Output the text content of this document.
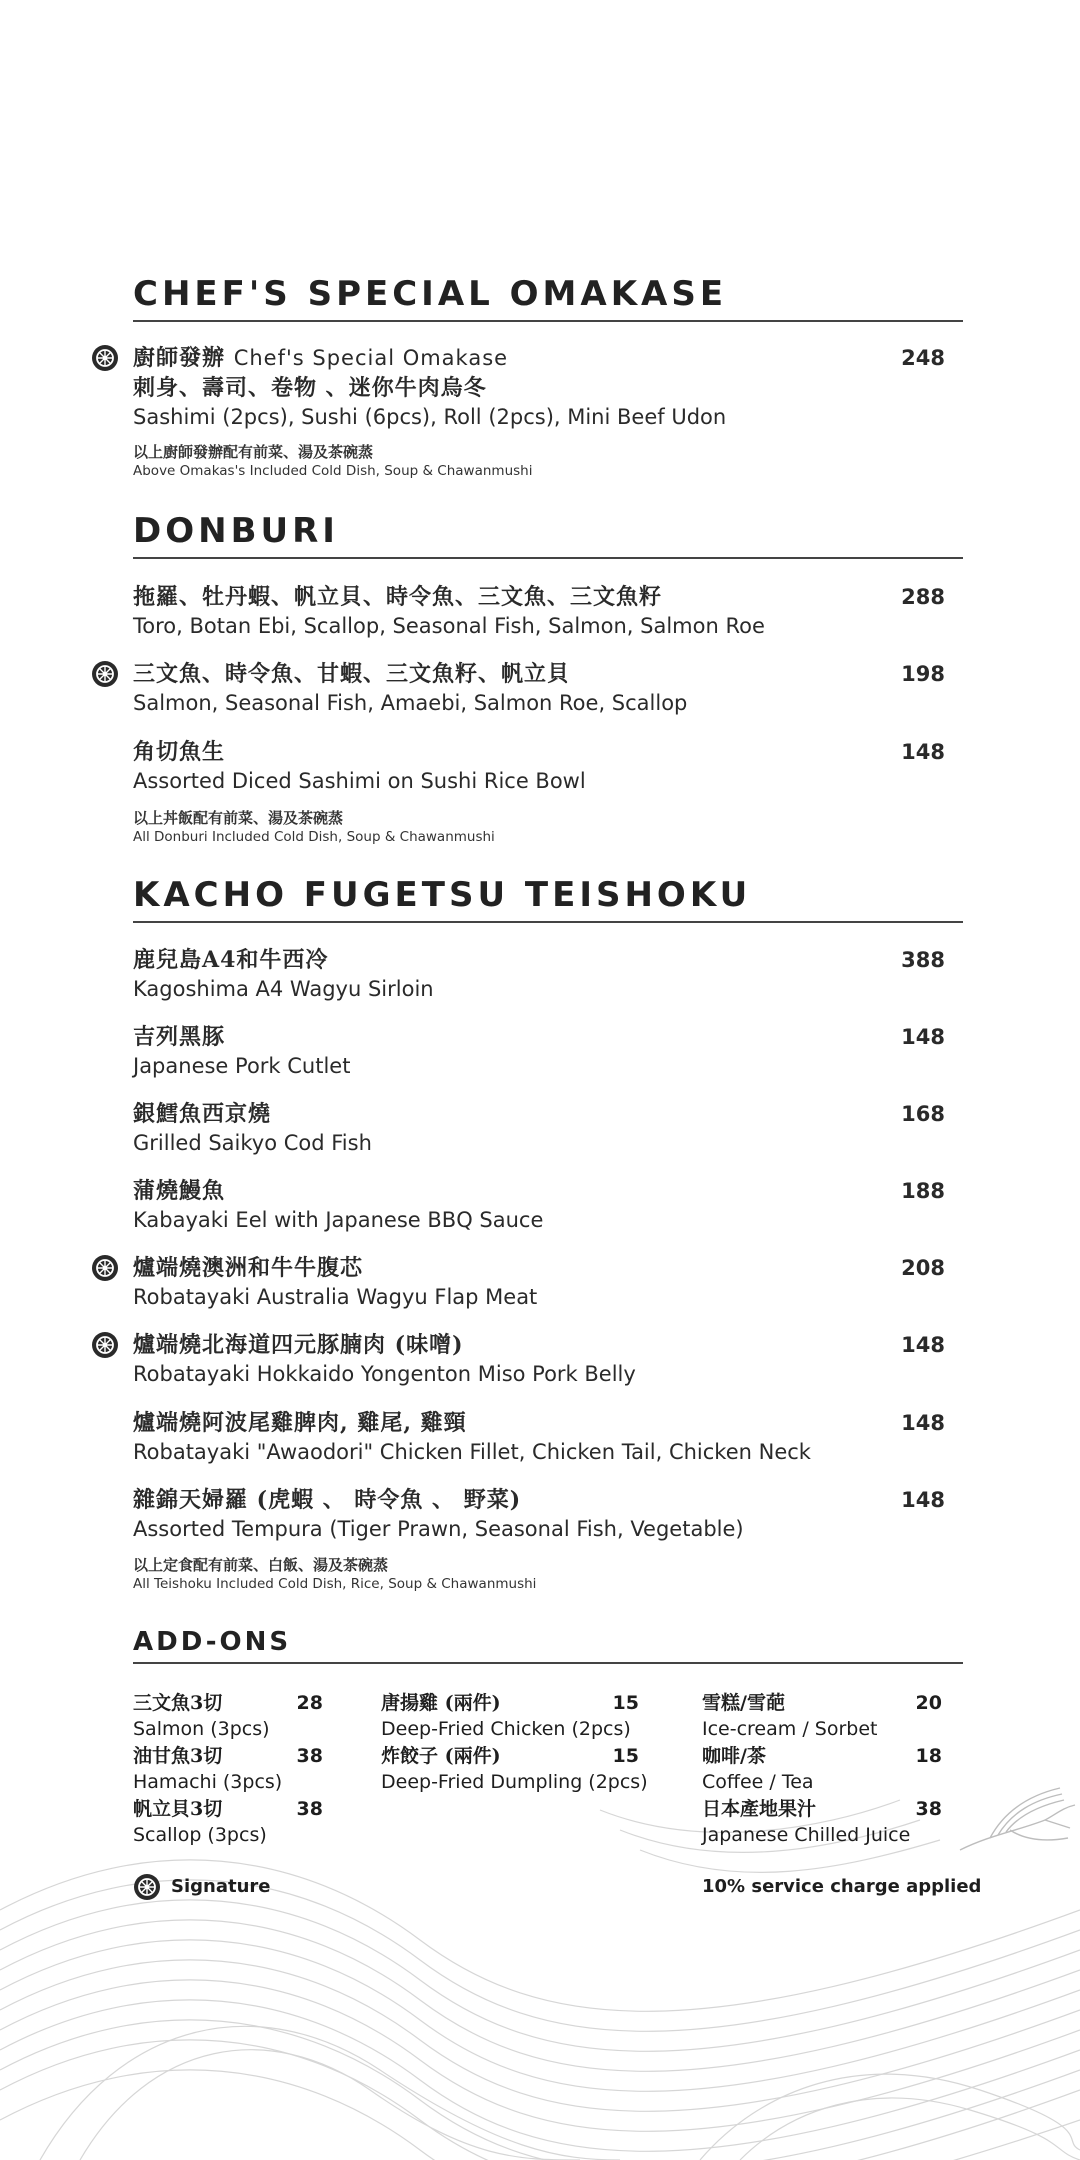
CHEF'S SPECIAL OMAKASE
廚師發辦 Chef's Special Omakase
刺身、壽司、卷物 、迷你牛肉烏冬
Sashimi (2pcs), Sushi (6pcs), Roll (2pcs), Mini Beef Udon
248
以上廚師發辦配有前菜、湯及茶碗蒸
Above Omakas's Included Cold Dish, Soup & Chawanmushi
DONBURI
拖羅、牡丹蝦、帆立貝、時令魚、三文魚、三文魚籽
Toro, Botan Ebi, Scallop, Seasonal Fish, Salmon, Salmon Roe
288
三文魚、時令魚、甘蝦、三文魚籽、帆立貝
Salmon, Seasonal Fish, Amaebi, Salmon Roe, Scallop
198
角切魚生
Assorted Diced Sashimi on Sushi Rice Bowl
148
以上丼飯配有前菜、湯及茶碗蒸
All Donburi Included Cold Dish, Soup & Chawanmushi
KACHO FUGETSU TEISHOKU
鹿兒島A4和牛西冷
Kagoshima A4 Wagyu Sirloin
388
吉列黑豚
Japanese Pork Cutlet
148
銀鱈魚西京燒
Grilled Saikyo Cod Fish
168
蒲燒鰻魚
Kabayaki Eel with Japanese BBQ Sauce
188
爐端燒澳洲和牛牛腹芯
Robatayaki Australia Wagyu Flap Meat
208
爐端燒北海道四元豚腩肉 (味噌)
Robatayaki Hokkaido Yongenton Miso Pork Belly
148
爐端燒阿波尾雞脾肉, 雞尾, 雞頸
Robatayaki "Awaodori" Chicken Fillet, Chicken Tail, Chicken Neck
148
雜錦天婦羅 (虎蝦 、 時令魚 、 野菜)
Assorted Tempura (Tiger Prawn, Seasonal Fish, Vegetable)
148
以上定食配有前菜、白飯、湯及茶碗蒸
All Teishoku Included Cold Dish, Rice, Soup & Chawanmushi
ADD-ONS
三文魚3切
Salmon (3pcs)
28
油甘魚3切
Hamachi (3pcs)
38
帆立貝3切
Scallop (3pcs)
38
唐揚雞 (兩件)
Deep-Fried Chicken (2pcs)
15
炸餃子 (兩件)
Deep-Fried Dumpling (2pcs)
15
雪糕/雪葩
Ice-cream / Sorbet
20
咖啡/茶
Coffee / Tea
18
日本產地果汁
Japanese Chilled Juice
38
Signature	10% service charge applied
